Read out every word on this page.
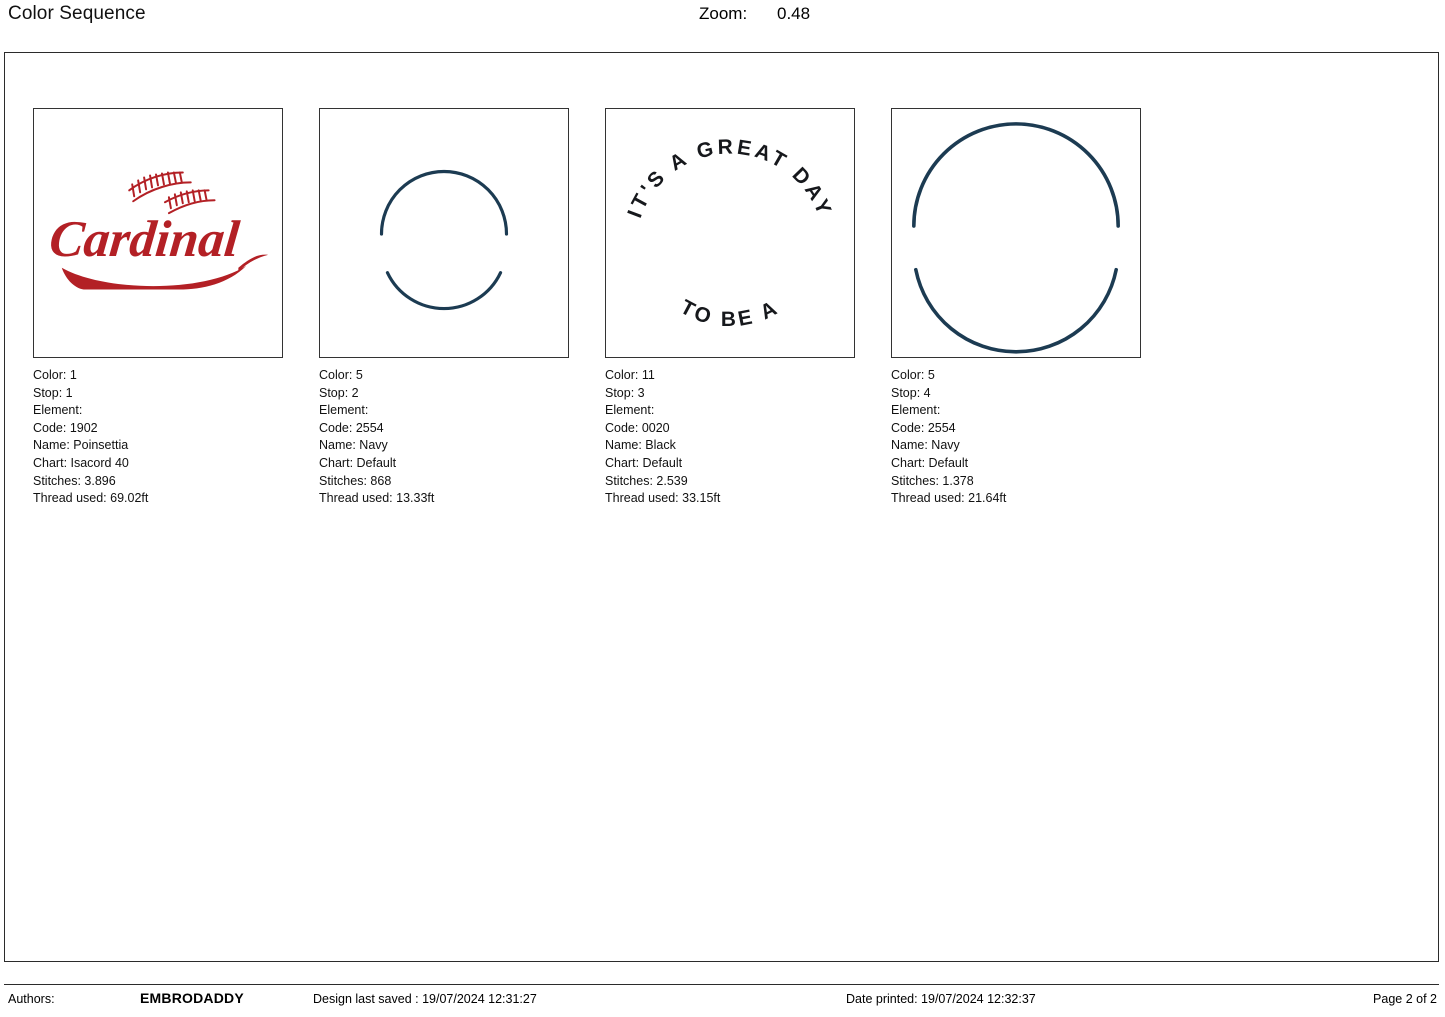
Color Sequence	Zoom: 0.48
Cardinal
Color: 1
Stop: 1
Element:
Code: 1902
Name: Poinsettia
Chart: Isacord 40
Stitches: 3.896
Thread used: 69.02ft
Color: 5
Stop: 2
Element:
Code: 2554
Name: Navy
Chart: Default
Stitches: 868
Thread used: 13.33ft
IT'S A GREAT DAY
TO BE A
Color: 11
Stop: 3
Element:
Code: 0020
Name: Black
Chart: Default
Stitches: 2.539
Thread used: 33.15ft
Color: 5
Stop: 4
Element:
Code: 2554
Name: Navy
Chart: Default
Stitches: 1.378
Thread used: 21.64ft
Authors:	EMBRODADDY	Design last saved : 19/07/2024 12:31:27	Date printed: 19/07/2024 12:32:37	Page 2 of 2
